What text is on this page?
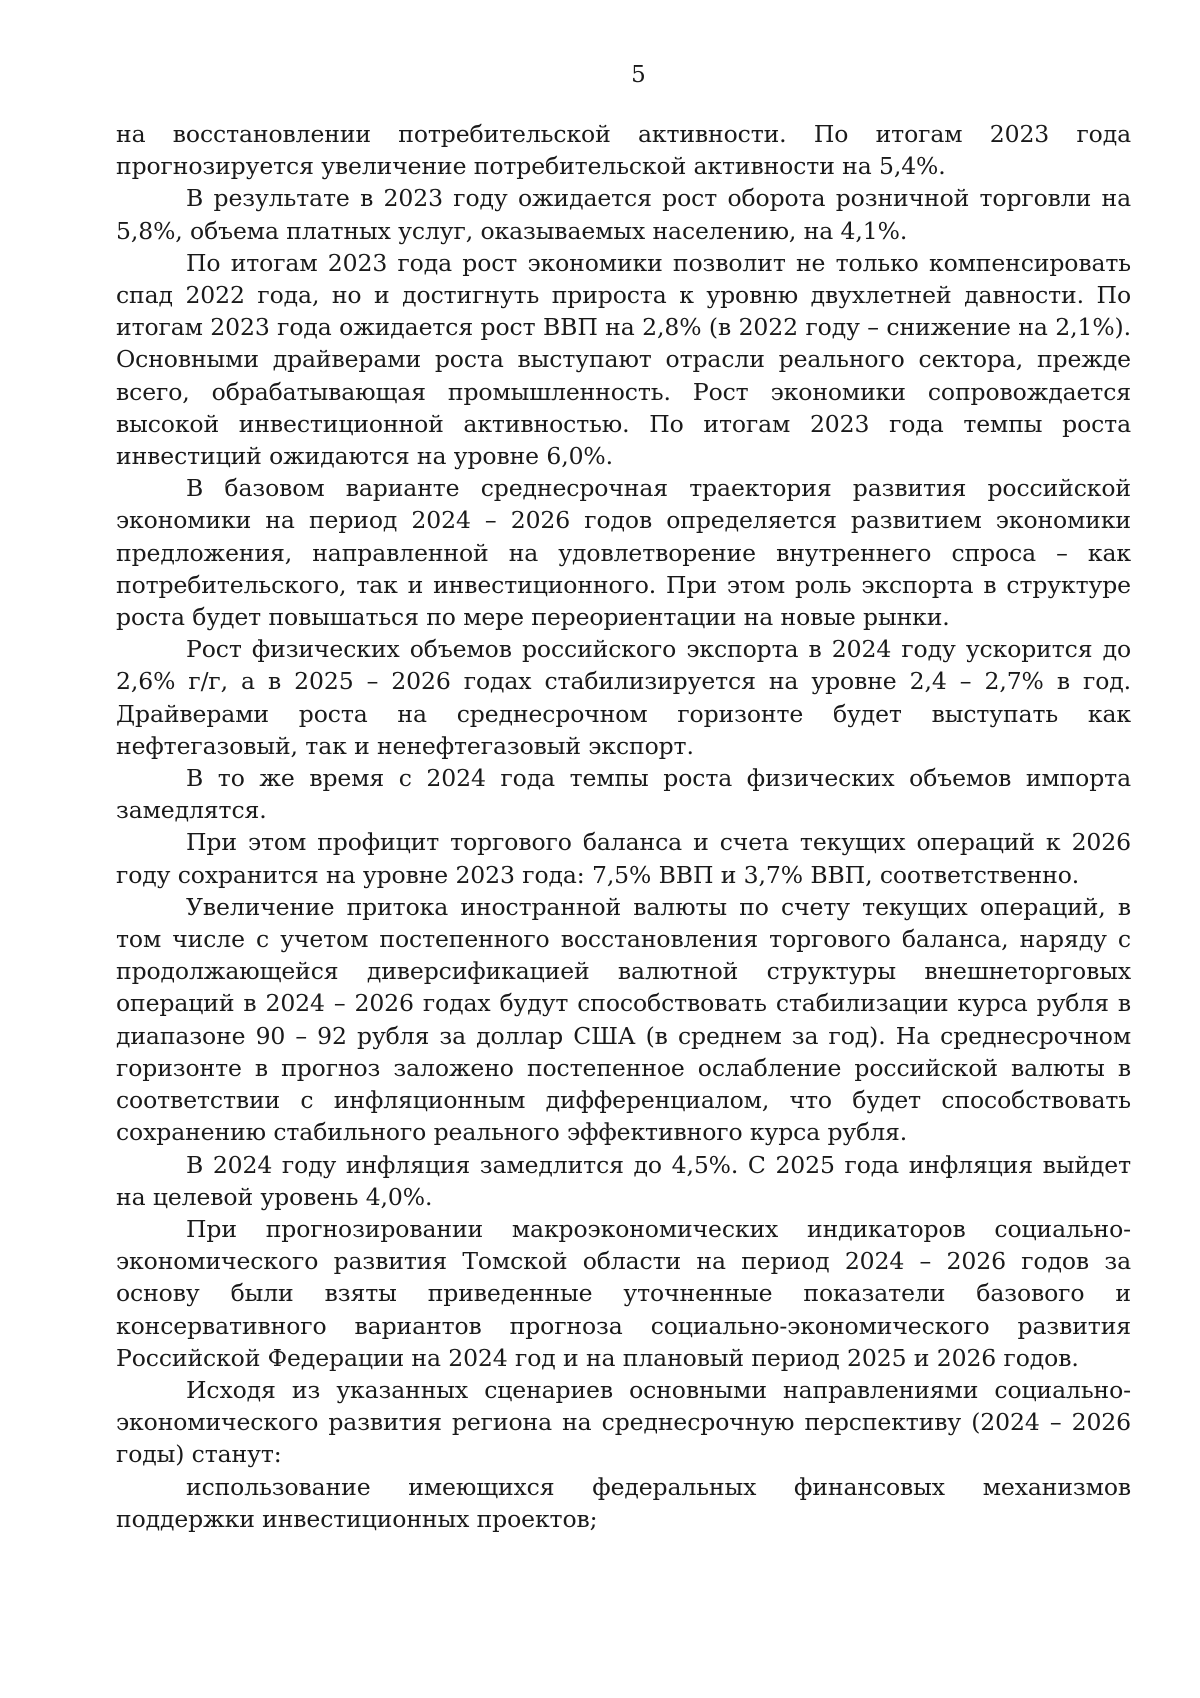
5

на восстановлении потребительской активности. По итогам 2023 года прогнозируется увеличение потребительской активности на 5,4%.

В результате в 2023 году ожидается рост оборота розничной торговли на 5,8%, объема платных услуг, оказываемых населению, на 4,1%.

По итогам 2023 года рост экономики позволит не только компенсировать спад 2022 года, но и достигнуть прироста к уровню двухлетней давности. По итогам 2023 года ожидается рост ВВП на 2,8% (в 2022 году – снижение на 2,1%). Основными драйверами роста выступают отрасли реального сектора, прежде всего, обрабатывающая промышленность. Рост экономики сопровождается высокой инвестиционной активностью. По итогам 2023 года темпы роста инвестиций ожидаются на уровне 6,0%.

В базовом варианте среднесрочная траектория развития российской экономики на период 2024 – 2026 годов определяется развитием экономики предложения, направленной на удовлетворение внутреннего спроса – как потребительского, так и инвестиционного. При этом роль экспорта в структуре роста будет повышаться по мере переориентации на новые рынки.

Рост физических объемов российского экспорта в 2024 году ускорится до 2,6% г/г, а в 2025 – 2026 годах стабилизируется на уровне 2,4 – 2,7% в год. Драйверами роста на среднесрочном горизонте будет выступать как нефтегазовый, так и ненефтегазовый экспорт.

В то же время с 2024 года темпы роста физических объемов импорта замедлятся.

При этом профицит торгового баланса и счета текущих операций к 2026 году сохранится на уровне 2023 года: 7,5% ВВП и 3,7% ВВП, соответственно.

Увеличение притока иностранной валюты по счету текущих операций, в том числе с учетом постепенного восстановления торгового баланса, наряду с продолжающейся диверсификацией валютной структуры внешнеторговых операций в 2024 – 2026 годах будут способствовать стабилизации курса рубля в диапазоне 90 – 92 рубля за доллар США (в среднем за год). На среднесрочном горизонте в прогноз заложено постепенное ослабление российской валюты в соответствии с инфляционным дифференциалом, что будет способствовать сохранению стабильного реального эффективного курса рубля.

В 2024 году инфляция замедлится до 4,5%. С 2025 года инфляция выйдет на целевой уровень 4,0%.

При прогнозировании макроэкономических индикаторов социально-экономического развития Томской области на период 2024 – 2026 годов за основу были взяты приведенные уточненные показатели базового и консервативного вариантов прогноза социально-экономического развития Российской Федерации на 2024 год и на плановый период 2025 и 2026 годов.

Исходя из указанных сценариев основными направлениями социально-экономического развития региона на среднесрочную перспективу (2024 – 2026 годы) станут:

использование имеющихся федеральных финансовых механизмов поддержки инвестиционных проектов;
